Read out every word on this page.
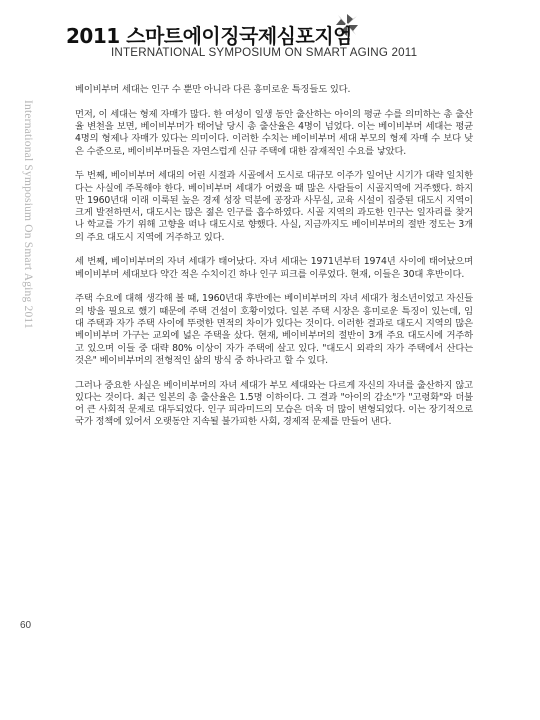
2011 스마트에이징국제심포지엄
INTERNATIONAL SYMPOSIUM ON SMART AGING 2011
International Symposium On Smart Aging 2011

베이비부머 세대는 인구 수 뿐만 아니라 다른 흥미로운 특징들도 있다.

먼저, 이 세대는 형제 자매가 많다. 한 여성이 일생 동안 출산하는 아이의 평균 수를 의미하는 총 출산율 변천을 보면, 베이비부머가 태어날 당시 총 출산율은 4명이 넘었다. 이는 베이비부머 세대는 평균 4명의 형제나 자매가 있다는 의미이다. 이러한 수치는 베이비부머 세대 부모의 형제 자매 수 보다 낮은 수준으로, 베이비부머들은 자연스럽게 신규 주택에 대한 잠재적인 수요를 낳았다.

두 번째, 베이비부머 세대의 어린 시절과 시골에서 도시로 대규모 이주가 일어난 시기가 대략 일치한다는 사실에 주목해야 한다. 베이비부머 세대가 어렸을 때 많은 사람들이 시골지역에 거주했다. 하지만 1960년대 이래 이룩된 높은 경제 성장 덕분에 공장과 사무실, 교육 시설이 집중된 대도시 지역이 크게 발전하면서, 대도시는 많은 젊은 인구를 흡수하였다. 시골 지역의 과도한 인구는 일자리를 찾거나 학교를 가기 위해 고향을 떠나 대도시로 향했다. 사실, 지금까지도 베이비부머의 절반 정도는 3개의 주요 대도시 지역에 거주하고 있다.

세 번째, 베이비부머의 자녀 세대가 태어났다. 자녀 세대는 1971년부터 1974년 사이에 태어났으며 베이비부머 세대보다 약간 적은 수치이긴 하나 인구 피크를 이루었다. 현재, 이들은 30대 후반이다.

주택 수요에 대해 생각해 볼 때, 1960년대 후반에는 베이비부머의 자녀 세대가 청소년이었고 자신들의 방을 필요로 했기 때문에 주택 건설이 호황이었다. 일본 주택 시장은 흥미로운 특징이 있는데, 임대 주택과 자가 주택 사이에 뚜렷한 면적의 차이가 있다는 것이다. 이러한 결과로 대도시 지역의 많은 베이비부머 가구는 교외에 넓은 주택을 샀다. 현재, 베이비부머의 절반이 3개 주요 대도시에 거주하고 있으며 이들 중 대략 80% 이상이 자가 주택에 살고 있다. "대도시 외곽의 자가 주택에서 산다는 것은" 베이비부머의 전형적인 삶의 방식 중 하나라고 할 수 있다.

그러나 중요한 사실은 베이비부머의 자녀 세대가 부모 세대와는 다르게 자신의 자녀를 출산하지 않고 있다는 것이다. 최근 일본의 총 출산율은 1.5명 이하이다. 그 결과 "아이의 감소"가 "고령화"와 더불어 큰 사회적 문제로 대두되었다. 인구 피라미드의 모습은 더욱 더 많이 변형되었다. 이는 장기적으로 국가 정책에 있어서 오랫동안 지속될 불가피한 사회, 경제적 문제를 만들어 낸다.

60
